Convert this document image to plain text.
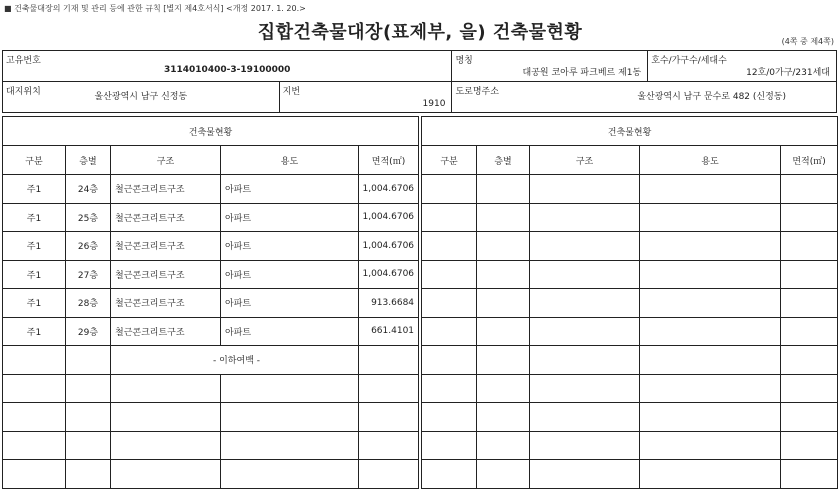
■ 건축물대장의 기재 및 관리 등에 관한 규칙 [별지 제4호서식] <개정 2017. 1. 20.>
집합건축물대장(표제부, 을) 건축물현황	(4쪽 중 제4쪽)
고유번호
3114010400-3-19100000		명칭
대공원 코아루 파크베르 제1동	호수/가구수/세대수
12호/0가구/231세대

대지위치 울산광역시 남구 신정동	지번
1910	도로명주소 울산광역시 남구 문수로 482 (신정동)	
건축물현황						건축물현황				
구분	층별	구조	용도	면적(㎡)		구분	층별	구조	용도	면적(㎡)
주1	24층	철근콘크리트구조	아파트	1,004.6706						
주1	25층	철근콘크리트구조	아파트	1,004.6706						
주1	26층	철근콘크리트구조	아파트	1,004.6706						
주1	27층	철근콘크리트구조	아파트	1,004.6706						
주1	28층	철근콘크리트구조	아파트	913.6684						
주1	29층	철근콘크리트구조	아파트	661.4101						
		- 이하여백 -								
